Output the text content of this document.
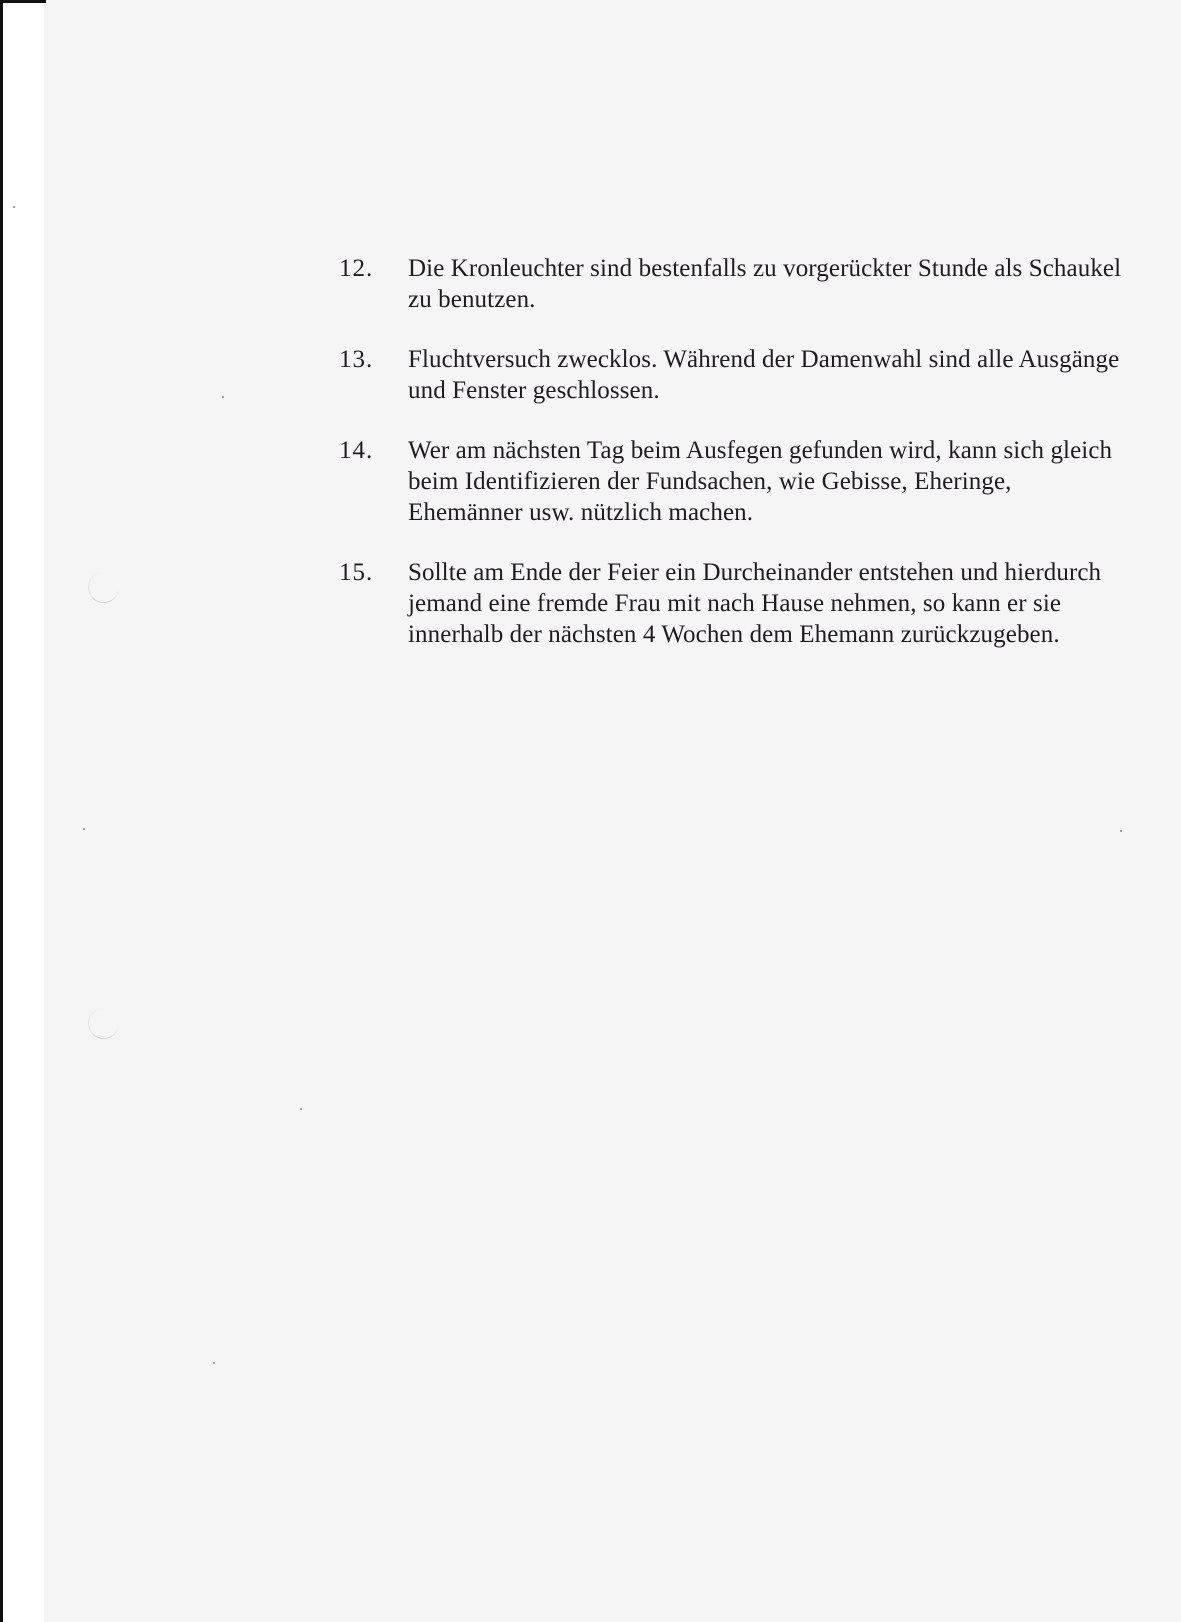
12. Die Kronleuchter sind bestenfalls zu vorgerückter Stunde als Schaukel zu benutzen.
13. Fluchtversuch zwecklos. Während der Damenwahl sind alle Ausgänge und Fenster geschlossen.
14. Wer am nächsten Tag beim Ausfegen gefunden wird, kann sich gleich beim Identifizieren der Fundsachen, wie Gebisse, Eheringe, Ehemänner usw. nützlich machen.
15. Sollte am Ende der Feier ein Durcheinander entstehen und hierdurch jemand eine fremde Frau mit nach Hause nehmen, so kann er sie innerhalb der nächsten 4 Wochen dem Ehemann zurückzugeben.
